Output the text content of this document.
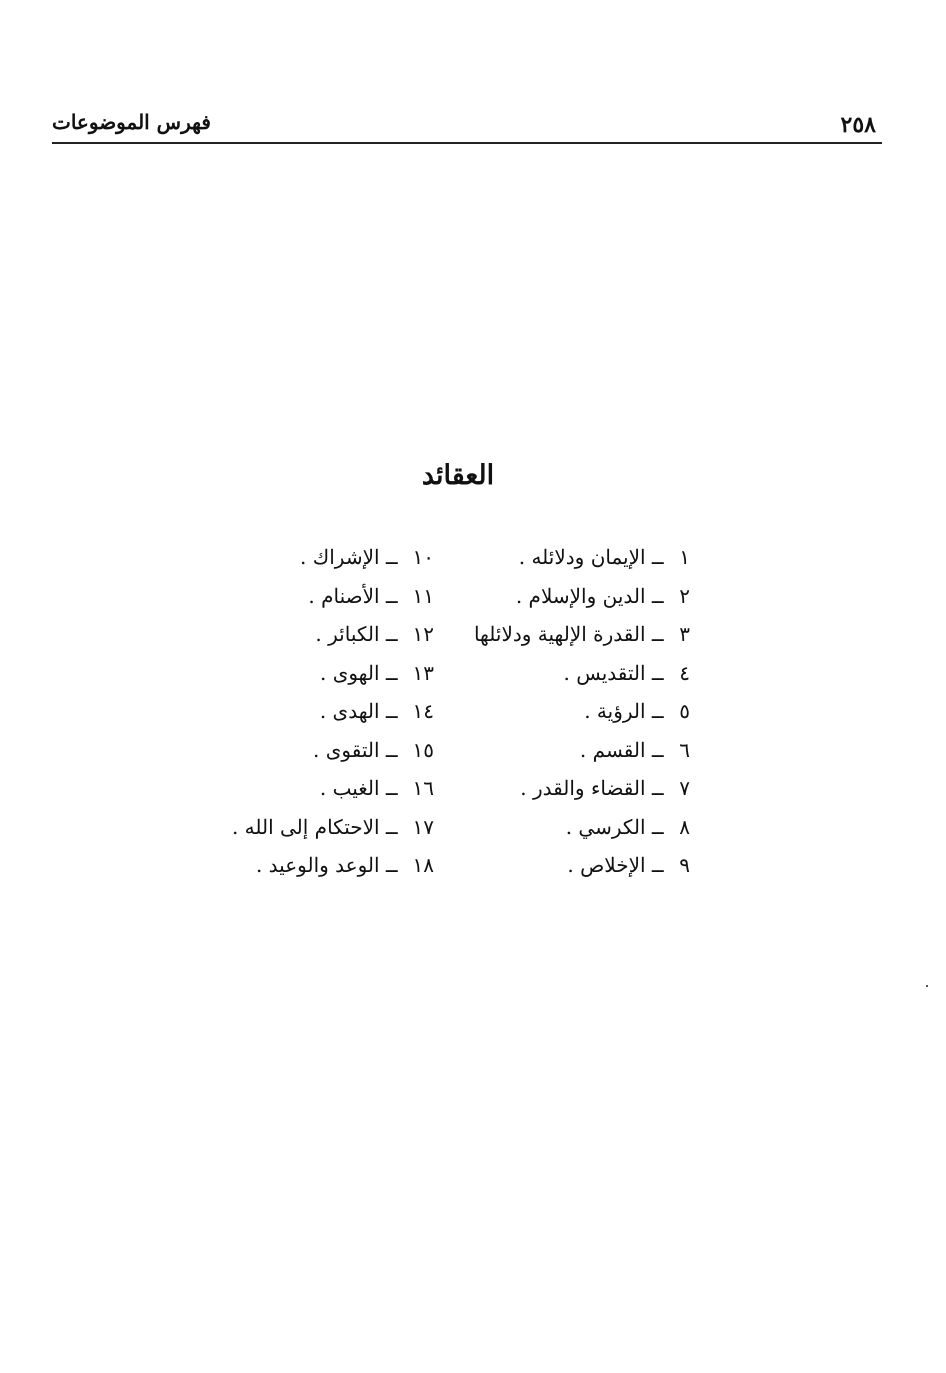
٢٥٨
فهرس الموضوعات
العقائد
١ ــ الإيمان ودلائله .
٢ ــ الدين والإسلام .
٣ ــ القدرة الإلهية ودلائلها
٤ ــ التقديس .
٥ ــ الرؤية .
٦ ــ القسم .
٧ ــ القضاء والقدر .
٨ ــ الكرسي .
٩ ــ الإخلاص .
١٠ ــ الإشراك .
١١ ــ الأصنام .
١٢ ــ الكبائر .
١٣ ــ الهوى .
١٤ ــ الهدى .
١٥ ــ التقوى .
١٦ ــ الغيب .
١٧ ــ الاحتكام إلى الله .
١٨ ــ الوعد والوعيد .
